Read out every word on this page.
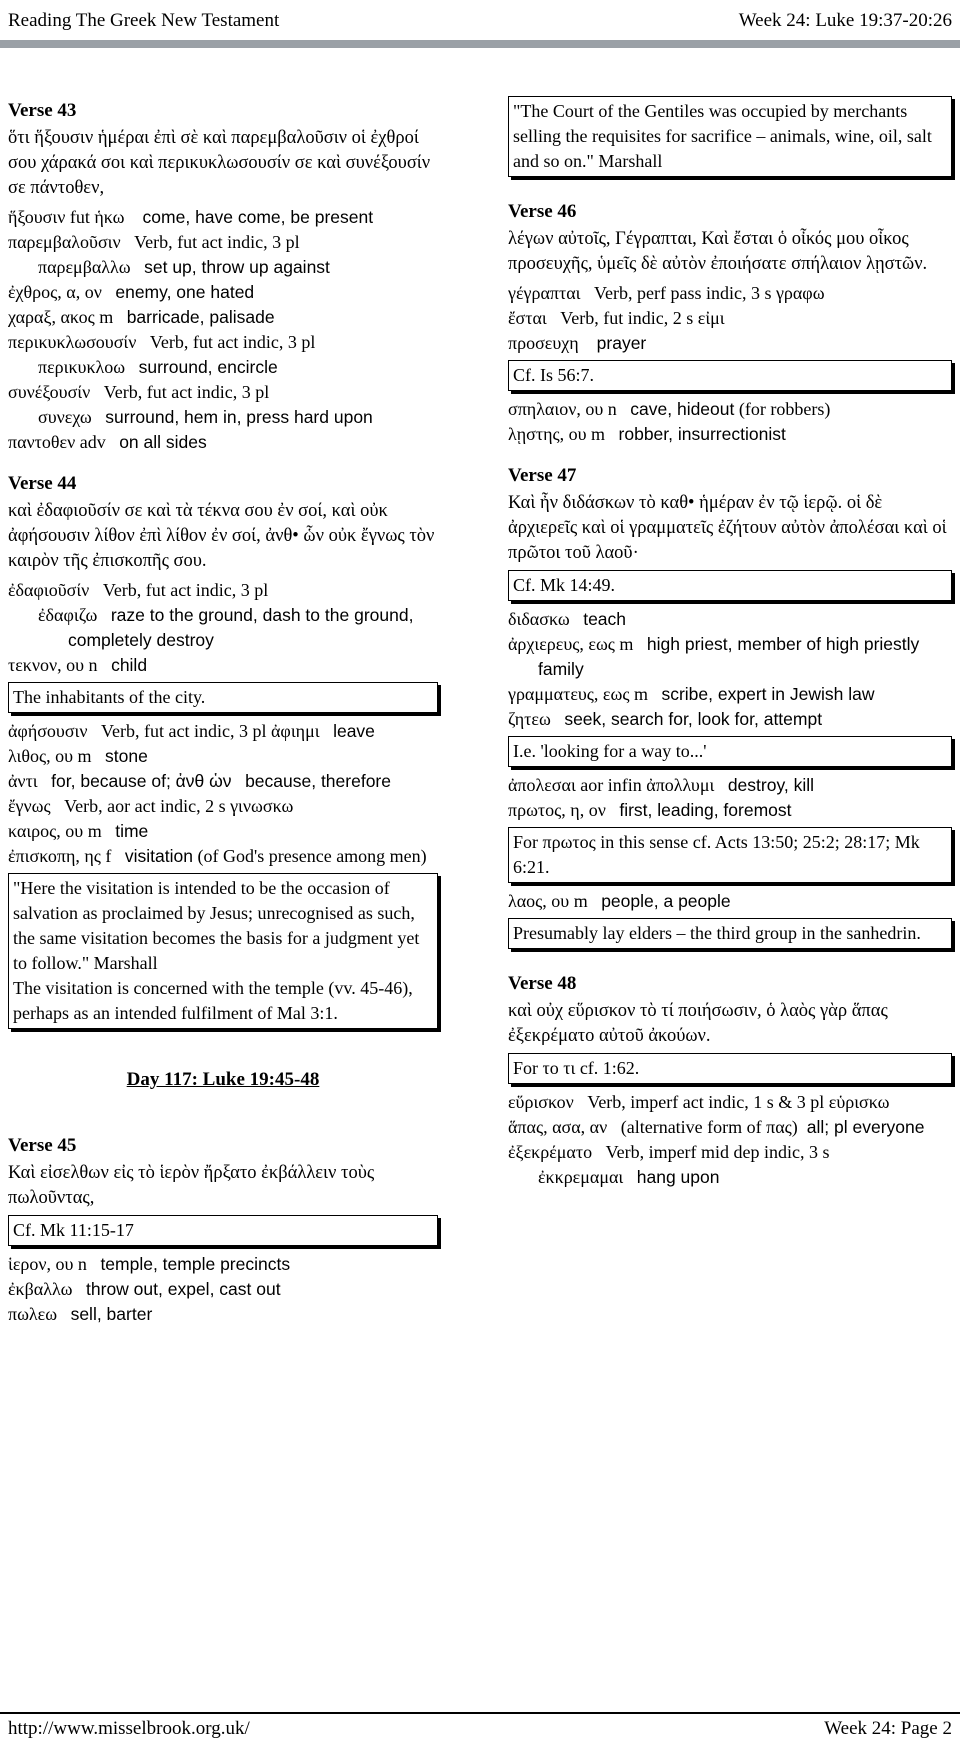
Reading The Greek New Testament	Week 24: Luke 19:37-20:26
Verse 43
ὅτι ἥξουσιν ἡμέραι ἐπὶ σὲ καὶ παρεμβαλοῦσιν οἱ ἐχθροί σου χάρακά σοι καὶ περικυκλωσουσίν σε καὶ συνέξουσίν σε πάντοθεν,
ἥξουσιν fut ἡκω come, have come, be present
παρεμβαλοῦσιν Verb, fut act indic, 3 pl
παρεμβαλλω set up, throw up against
ἐχθρος, α, ον enemy, one hated
χαραξ, ακος m barricade, palisade
περικυκλωσουσίν Verb, fut act indic, 3 pl
περικυκλοω surround, encircle
συνέξουσίν Verb, fut act indic, 3 pl
συνεχω surround, hem in, press hard upon
παντοθεν adv on all sides
Verse 44
καὶ ἐδαφιοῦσίν σε καὶ τὰ τέκνα σου ἐν σοί, καὶ οὐκ ἀφήσουσιν λίθον ἐπὶ λίθον ἐν σοί, ἀνθ• ὧν οὐκ ἔγνως τὸν καιρὸν τῆς ἐπισκοπῆς σου.
ἐδαφιοῦσίν Verb, fut act indic, 3 pl
ἐδαφιζω raze to the ground, dash to the ground, completely destroy
τεκνον, ου n child
The inhabitants of the city.
ἀφήσουσιν Verb, fut act indic, 3 pl ἀφιημι leave
λιθος, ου m stone
ἀντι for, because of; ἀνθ ὡν because, therefore
ἔγνως Verb, aor act indic, 2 s γινωσκω
καιρος, ου m time
ἐπισκοπη, ης f visitation (of God's presence among men)
"Here the visitation is intended to be the occasion of salvation as proclaimed by Jesus; unrecognised as such, the same visitation becomes the basis for a judgment yet to follow." Marshall
The visitation is concerned with the temple (vv. 45-46), perhaps as an intended fulfilment of Mal 3:1.
Day 117: Luke 19:45-48
Verse 45
Καὶ εἰσελθων εἰς τὸ ἱερὸν ἤρξατο ἐκβάλλειν τοὺς πωλοῦντας,
Cf. Mk 11:15-17
ἱερον, ου n temple, temple precincts
ἐκβαλλω throw out, expel, cast out
πωλεω sell, barter
"The Court of the Gentiles was occupied by merchants selling the requisites for sacrifice – animals, wine, oil, salt and so on." Marshall
Verse 46
λέγων αὐτοῖς, Γέγραπται, Καὶ ἔσται ὁ οἶκός μου οἶκος προσευχῆς, ὑμεῖς δὲ αὐτὸν ἐποιήσατε σπήλαιον λῃστῶν.
γέγραπται Verb, perf pass indic, 3 s γραφω
ἔσται Verb, fut indic, 2 s εἰμι
προσευχη prayer
Cf. Is 56:7.
σπηλαιον, ου n cave, hideout (for robbers)
λῃστης, ου m robber, insurrectionist
Verse 47
Καὶ ἦν διδάσκων τὸ καθ• ἡμέραν ἐν τῷ ἱερῷ. οἱ δὲ ἀρχιερεῖς καὶ οἱ γραμματεῖς ἐζήτουν αὐτὸν ἀπολέσαι καὶ οἱ πρῶτοι τοῦ λαοῦ·
Cf. Mk 14:49.
διδασκω teach
ἀρχιερευς, εως m high priest, member of high priestly family
γραμματευς, εως m scribe, expert in Jewish law
ζητεω seek, search for, look for, attempt
I.e. 'looking for a way to...'
ἀπολεσαι aor infin ἀπολλυμι destroy, kill
πρωτος, η, ον first, leading, foremost
For πρωτος in this sense cf. Acts 13:50; 25:2; 28:17; Mk 6:21.
λαος, ου m people, a people
Presumably lay elders – the third group in the sanhedrin.
Verse 48
καὶ οὐχ εὕρισκον τὸ τί ποιήσωσιν, ὁ λαὸς γὰρ ἅπας ἐξεκρέματο αὐτοῦ ἀκούων.
For το τι cf. 1:62.
εὕρισκον Verb, imperf act indic, 1 s & 3 pl εὑρισκω
ἅπας, ασα, αν (alternative form of πας) all; pl everyone
ἐξεκρέματο Verb, imperf mid dep indic, 3 s ἐκκρεμαμαι hang upon
http://www.misselbrook.org.uk/	Week 24: Page 2
